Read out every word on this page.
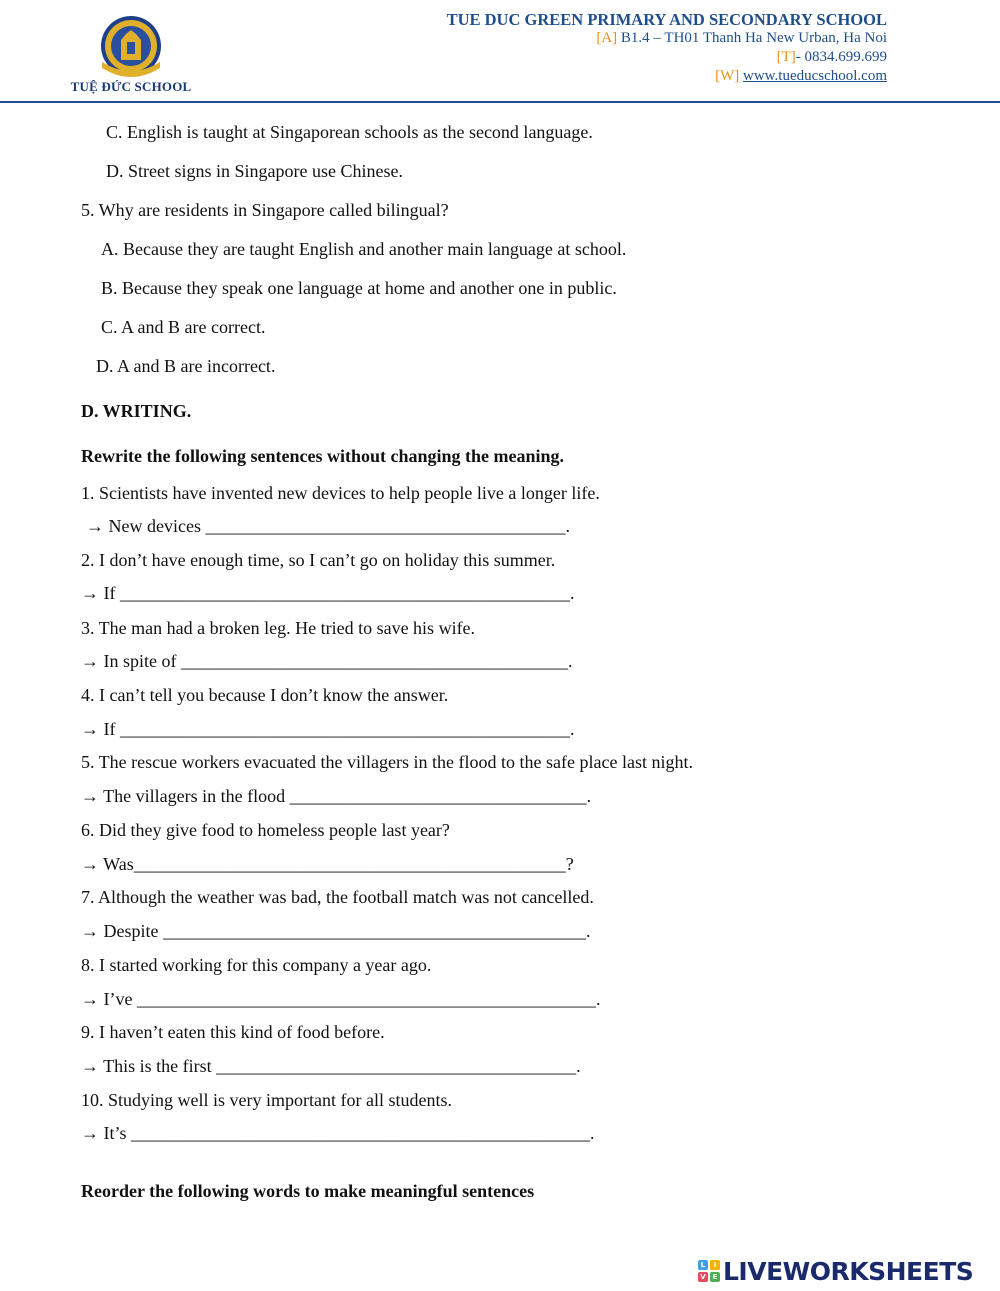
TUỆ ĐỨC SCHOOL
TUE DUC GREEN PRIMARY AND SECONDARY SCHOOL
[A] B1.4 – TH01 Thanh Ha New Urban, Ha Noi
[T]- 0834.699.699
[W] www.tueducschool.com
C. English is taught at Singaporean schools as the second language.
D. Street signs in Singapore use Chinese.
5. Why are residents in Singapore called bilingual?
A. Because they are taught English and another main language at school.
B. Because they speak one language at home and another one in public.
C. A and B are correct.
D. A and B are incorrect.
D. WRITING.
Rewrite the following sentences without changing the meaning.
1. Scientists have invented new devices to help people live a longer life.
→ New devices ________________________________________.
2. I don’t have enough time, so I can’t go on holiday this summer.
→ If __________________________________________________.
3. The man had a broken leg. He tried to save his wife.
→ In spite of ___________________________________________.
4. I can’t tell you because I don’t know the answer.
→ If __________________________________________________.
5. The rescue workers evacuated the villagers in the flood to the safe place last night.
→ The villagers in the flood _________________________________.
6. Did they give food to homeless people last year?
→ Was________________________________________________?
7. Although the weather was bad, the football match was not cancelled.
→ Despite _______________________________________________.
8. I started working for this company a year ago.
→ I’ve ___________________________________________________.
9. I haven’t eaten this kind of food before.
→ This is the first ________________________________________.
10. Studying well is very important for all students.
→ It’s ___________________________________________________.
Reorder the following words to make meaningful sentences
L	I
V E LIVEWORKSHEETS
